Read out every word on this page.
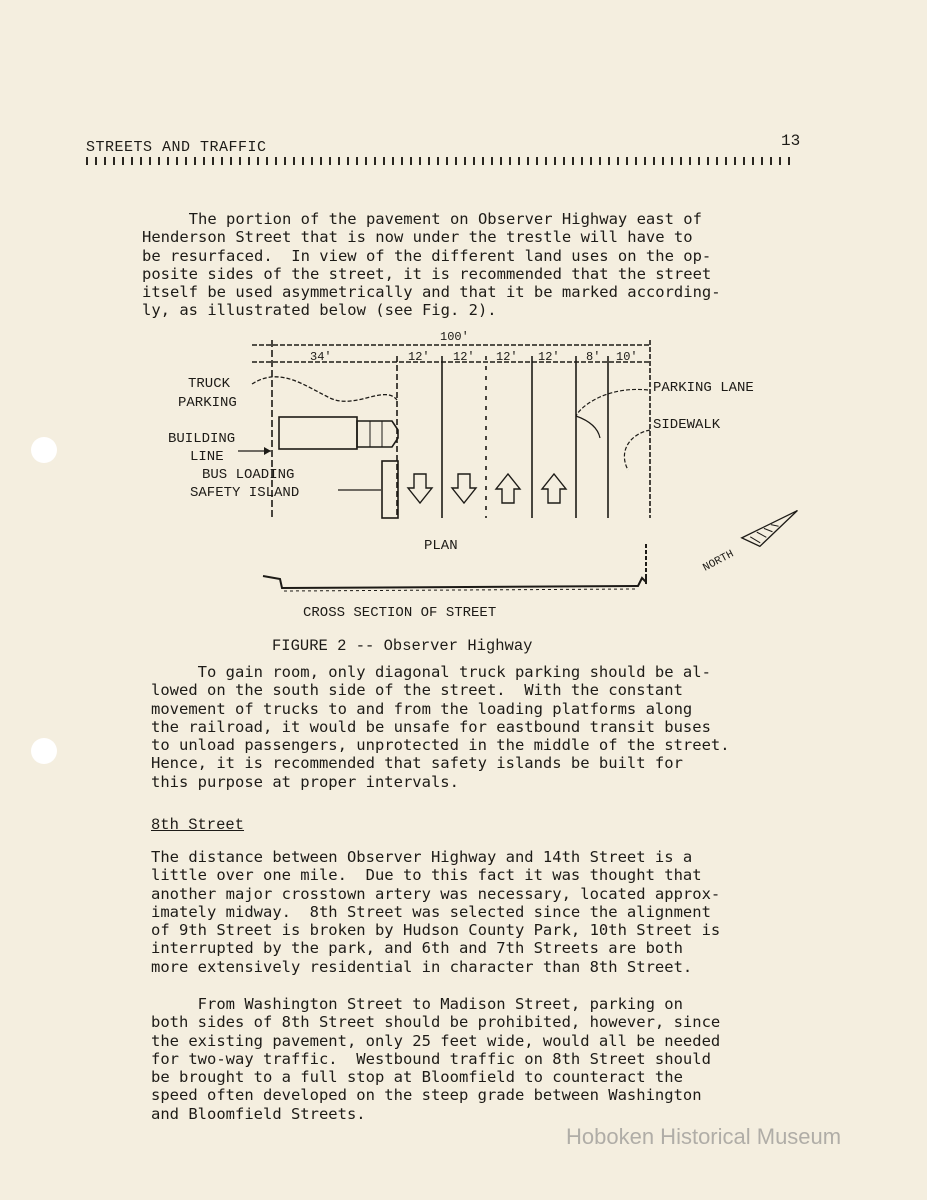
STREETS AND TRAFFIC	13
The portion of the pavement on Observer Highway east of
Henderson Street that is now under the trestle will have to
be resurfaced.  In view of the different land uses on the op-
posite sides of the street, it is recommended that the street
itself be used asymmetrically and that it be marked according-
ly, as illustrated below (see Fig. 2).
100'
34'	12' 12' 12' 12' 8' 10'
TRUCK
PARKING
BUILDING
LINE
BUS LOADING
SAFETY ISLAND
PARKING LANE
SIDEWALK
PLAN
CROSS SECTION OF STREET
NORTH
FIGURE 2 -- Observer Highway
To gain room, only diagonal truck parking should be al-
lowed on the south side of the street.  With the constant
movement of trucks to and from the loading platforms along
the railroad, it would be unsafe for eastbound transit buses
to unload passengers, unprotected in the middle of the street.
Hence, it is recommended that safety islands be built for
this purpose at proper intervals.
8th Street
The distance between Observer Highway and 14th Street is a
little over one mile.  Due to this fact it was thought that
another major crosstown artery was necessary, located approx-
imately midway.  8th Street was selected since the alignment
of 9th Street is broken by Hudson County Park, 10th Street is
interrupted by the park, and 6th and 7th Streets are both
more extensively residential in character than 8th Street.
From Washington Street to Madison Street, parking on
both sides of 8th Street should be prohibited, however, since
the existing pavement, only 25 feet wide, would all be needed
for two-way traffic.  Westbound traffic on 8th Street should
be brought to a full stop at Bloomfield to counteract the
speed often developed on the steep grade between Washington
and Bloomfield Streets.
Hoboken Historical Museum
